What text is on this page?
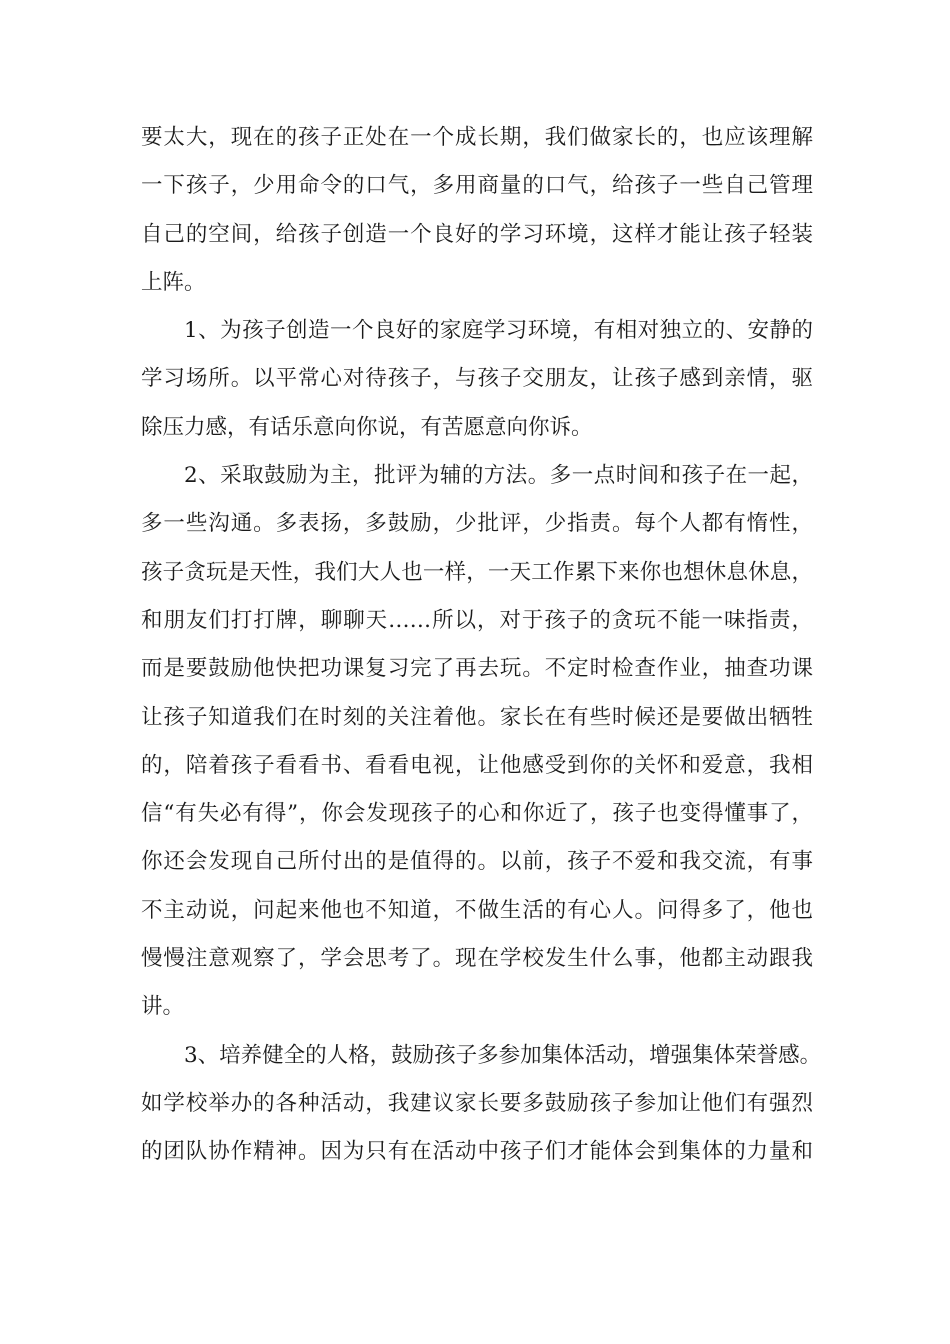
要太大，现在的孩子正处在一个成长期，我们做家长的，也应该理解
一下孩子，少用命令的口气，多用商量的口气，给孩子一些自己管理
自己的空间，给孩子创造一个良好的学习环境，这样才能让孩子轻装
上阵。
1、为孩子创造一个良好的家庭学习环境，有相对独立的、安静的
学习场所。以平常心对待孩子，与孩子交朋友，让孩子感到亲情，驱
除压力感，有话乐意向你说，有苦愿意向你诉。
2、采取鼓励为主，批评为辅的方法。多一点时间和孩子在一起，
多一些沟通。多表扬，多鼓励，少批评，少指责。每个人都有惰性，
孩子贪玩是天性，我们大人也一样，一天工作累下来你也想休息休息，
和朋友们打打牌，聊聊天……所以，对于孩子的贪玩不能一味指责，
而是要鼓励他快把功课复习完了再去玩。不定时检查作业，抽查功课
让孩子知道我们在时刻的关注着他。家长在有些时候还是要做出牺牲
的，陪着孩子看看书、看看电视，让他感受到你的关怀和爱意，我相
信“有失必有得”，你会发现孩子的心和你近了，孩子也变得懂事了，
你还会发现自己所付出的是值得的。以前，孩子不爱和我交流，有事
不主动说，问起来他也不知道，不做生活的有心人。问得多了，他也
慢慢注意观察了，学会思考了。现在学校发生什么事，他都主动跟我
讲。
3、培养健全的人格，鼓励孩子多参加集体活动，增强集体荣誉感。
如学校举办的各种活动，我建议家长要多鼓励孩子参加让他们有强烈
的团队协作精神。因为只有在活动中孩子们才能体会到集体的力量和
